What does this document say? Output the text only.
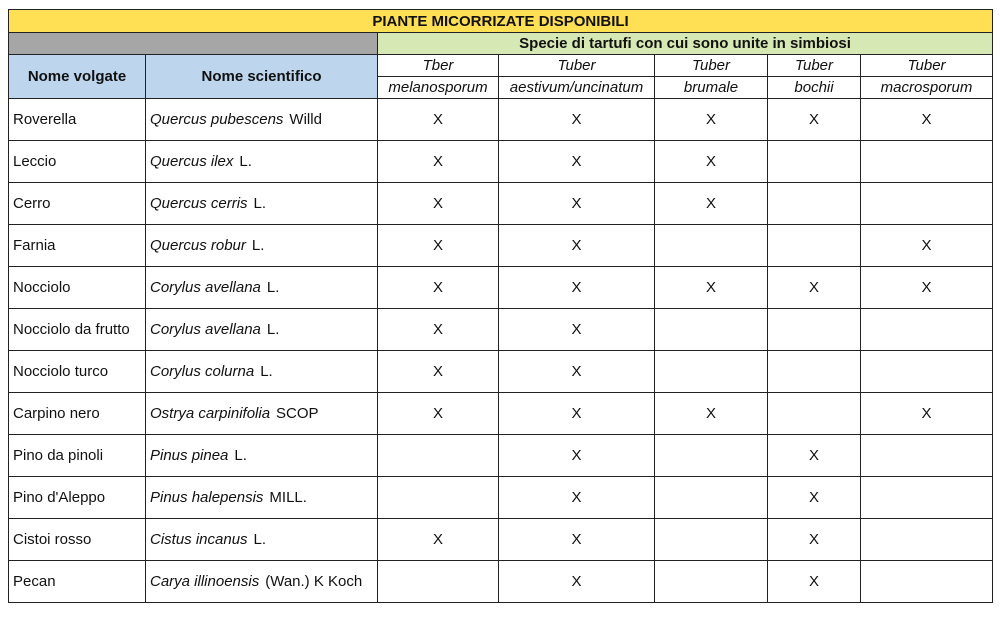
PIANTE MICORRIZATE DISPONIBILI						
		Specie di tartufi con cui sono unite in simbiosi				
Nome volgate	Nome scientifico	Tber	Tuber	Tuber	Tuber	Tuber
		melanosporum	aestivum/uncinatum	brumale	bochii	macrosporum
Roverella	Quercus pubescens Willd	X	X	X	X	X
Leccio	Quercus ilex L.	X	X	X		
Cerro	Quercus cerris L.	X	X	X		
Farnia	Quercus robur L.	X	X			X
Nocciolo	Corylus avellana L.	X	X	X	X	X
Nocciolo da frutto	Corylus avellana L.	X	X			
Nocciolo turco	Corylus colurna L.	X	X			
Carpino nero	Ostrya carpinifolia SCOP	X	X	X		X
Pino da pinoli	Pinus pinea L.		X		X	
Pino d'Aleppo	Pinus halepensis MILL.		X		X	
Cistoi rosso	Cistus incanus L.	X	X		X	
Pecan	Carya illinoensis (Wan.) K Koch		X		X	
